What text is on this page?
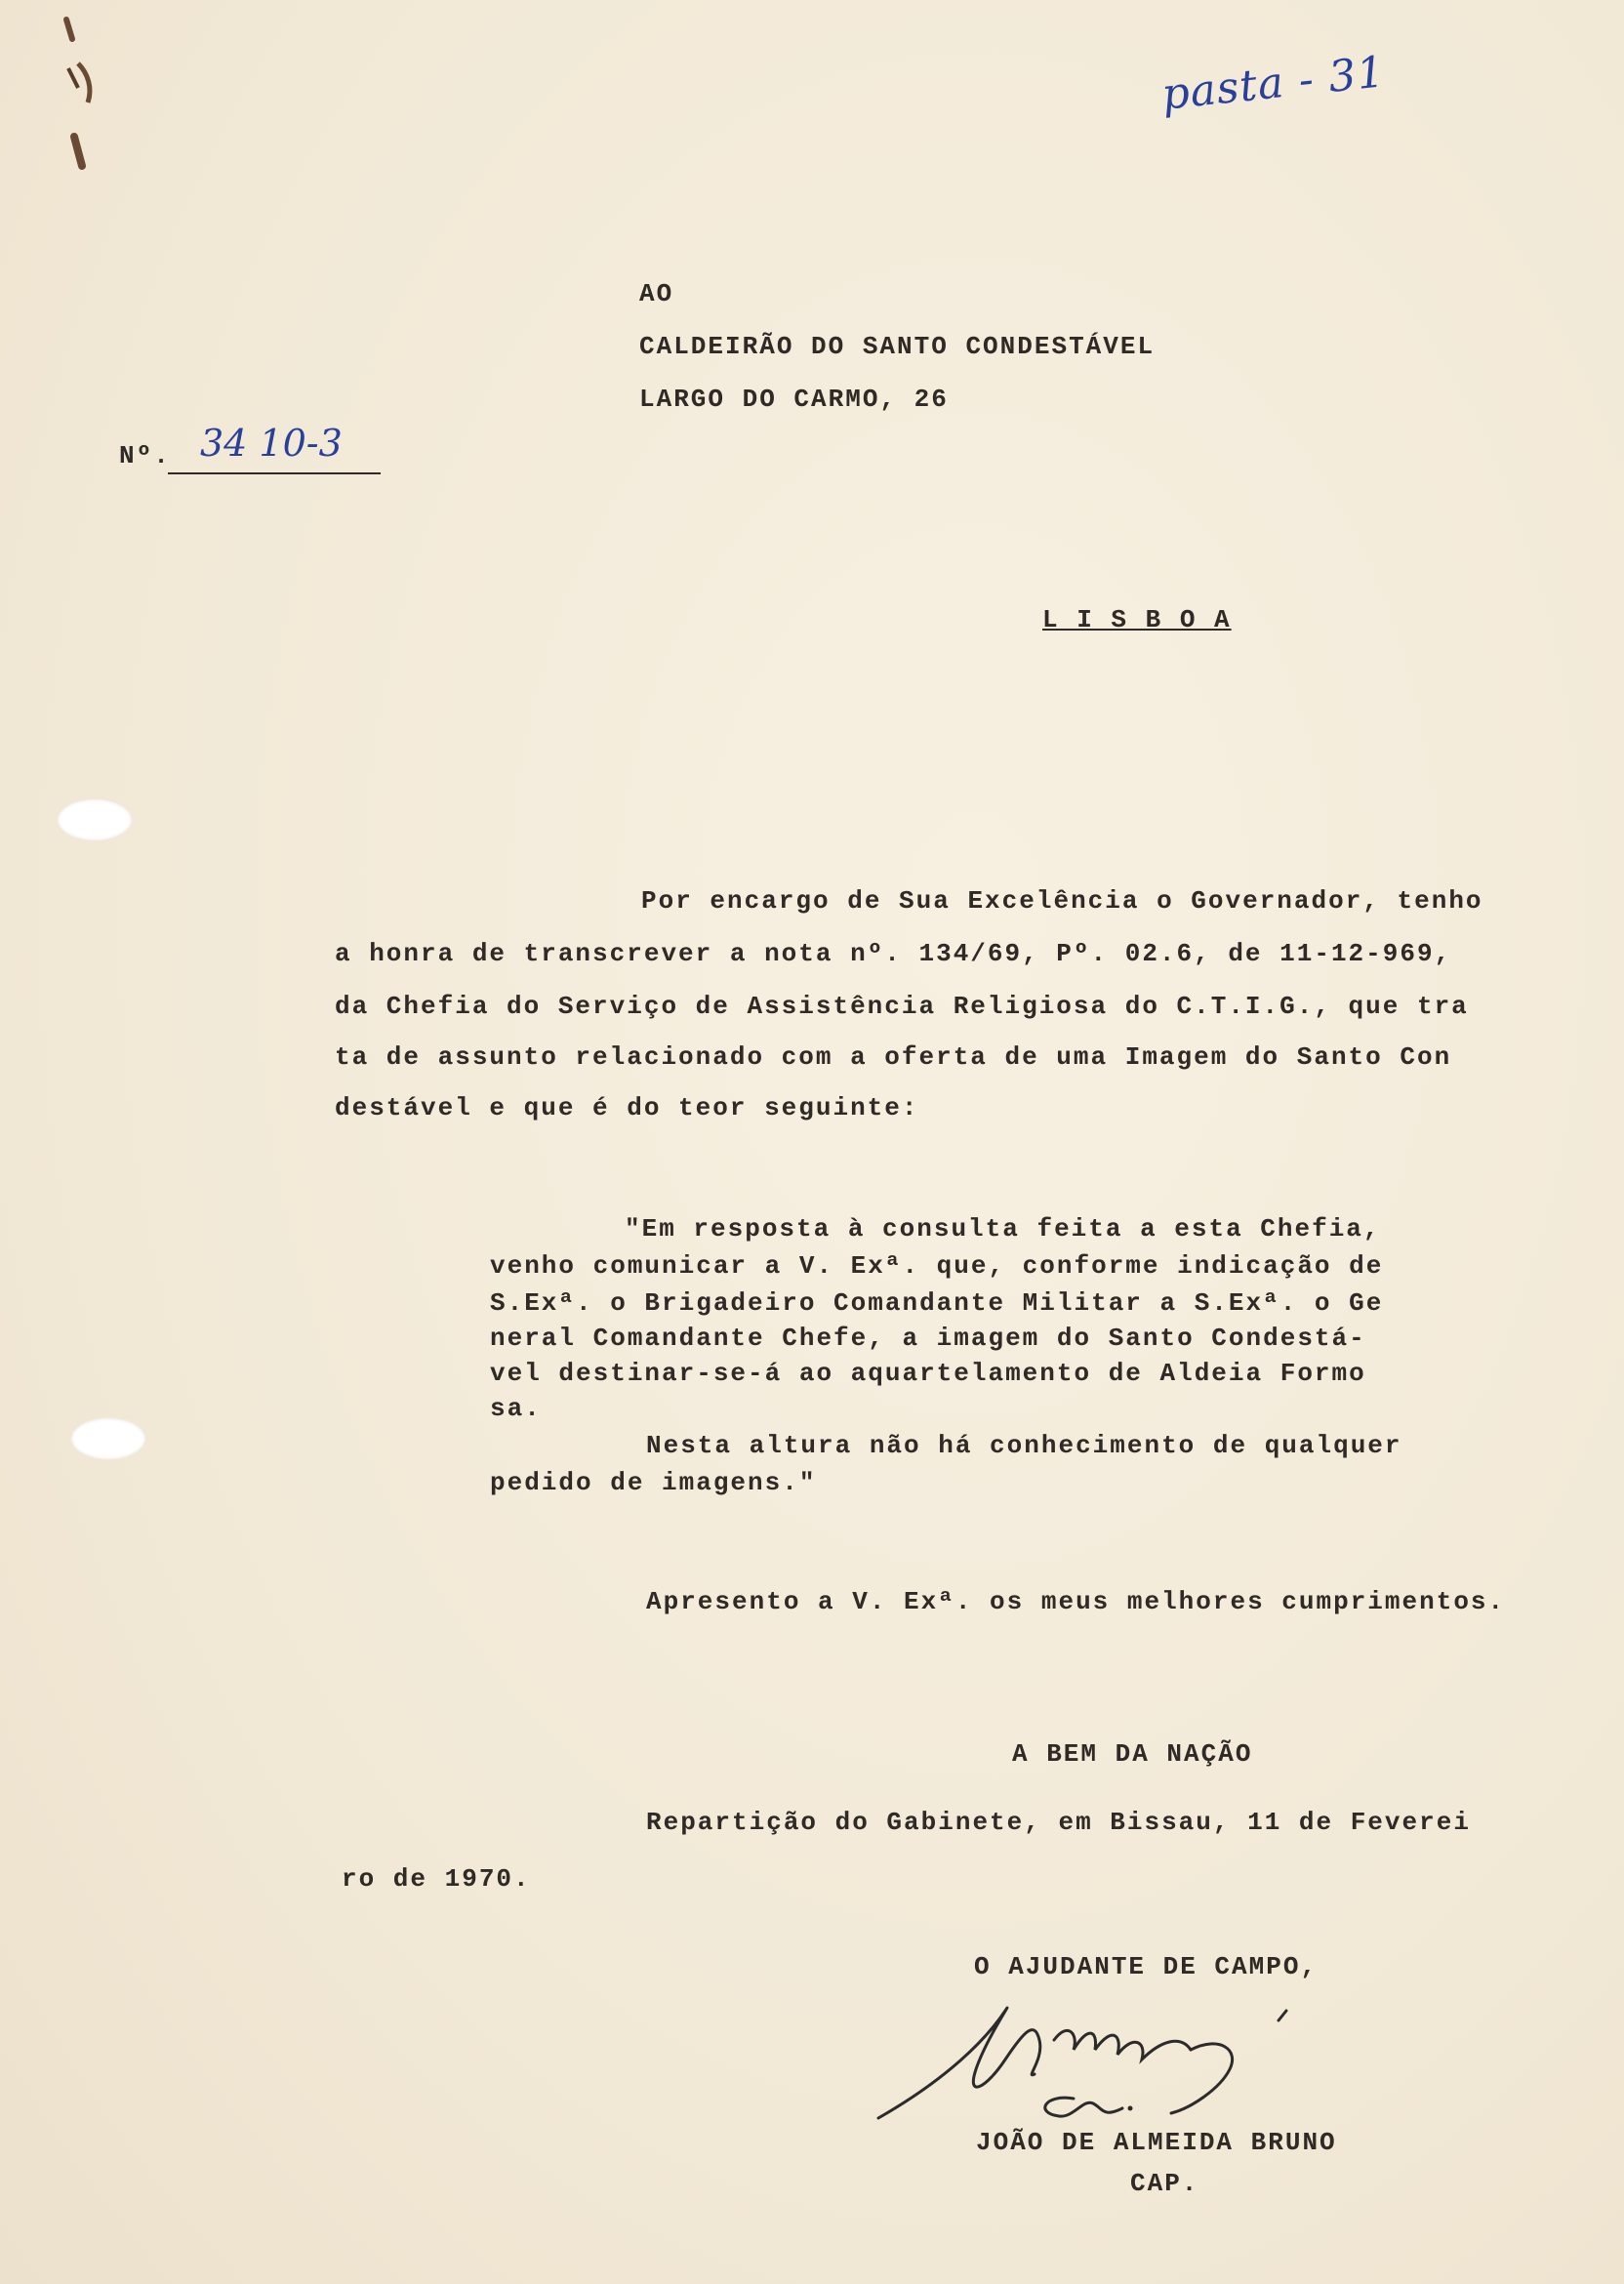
pasta - 31
AO
CALDEIRÃO DO SANTO CONDESTÁVEL
LARGO DO CARMO, 26
Nº. 34 10-3
L I S B O A
Por encargo de Sua Excelência o Governador, tenho
a honra de transcrever a nota nº. 134/69, Pº. 02.6, de 11-12-969,
da Chefia do Serviço de Assistência Religiosa do C.T.I.G., que tra
ta de assunto relacionado com a oferta de uma Imagem do Santo Con
destável e que é do teor seguinte:
"Em resposta à consulta feita a esta Chefia,
venho comunicar a V. Exª. que, conforme indicação de
S.Exª. o Brigadeiro Comandante Militar a S.Exª. o Ge
neral Comandante Chefe, a imagem do Santo Condestá-
vel destinar-se-á ao aquartelamento de Aldeia Formo
sa.
Nesta altura não há conhecimento de qualquer
pedido de imagens."
Apresento a V. Exª. os meus melhores cumprimentos.
A BEM DA NAÇÃO
Repartição do Gabinete, em Bissau, 11 de Feverei
ro de 1970.
O AJUDANTE DE CAMPO,
JOÃO DE ALMEIDA BRUNO
CAP.
